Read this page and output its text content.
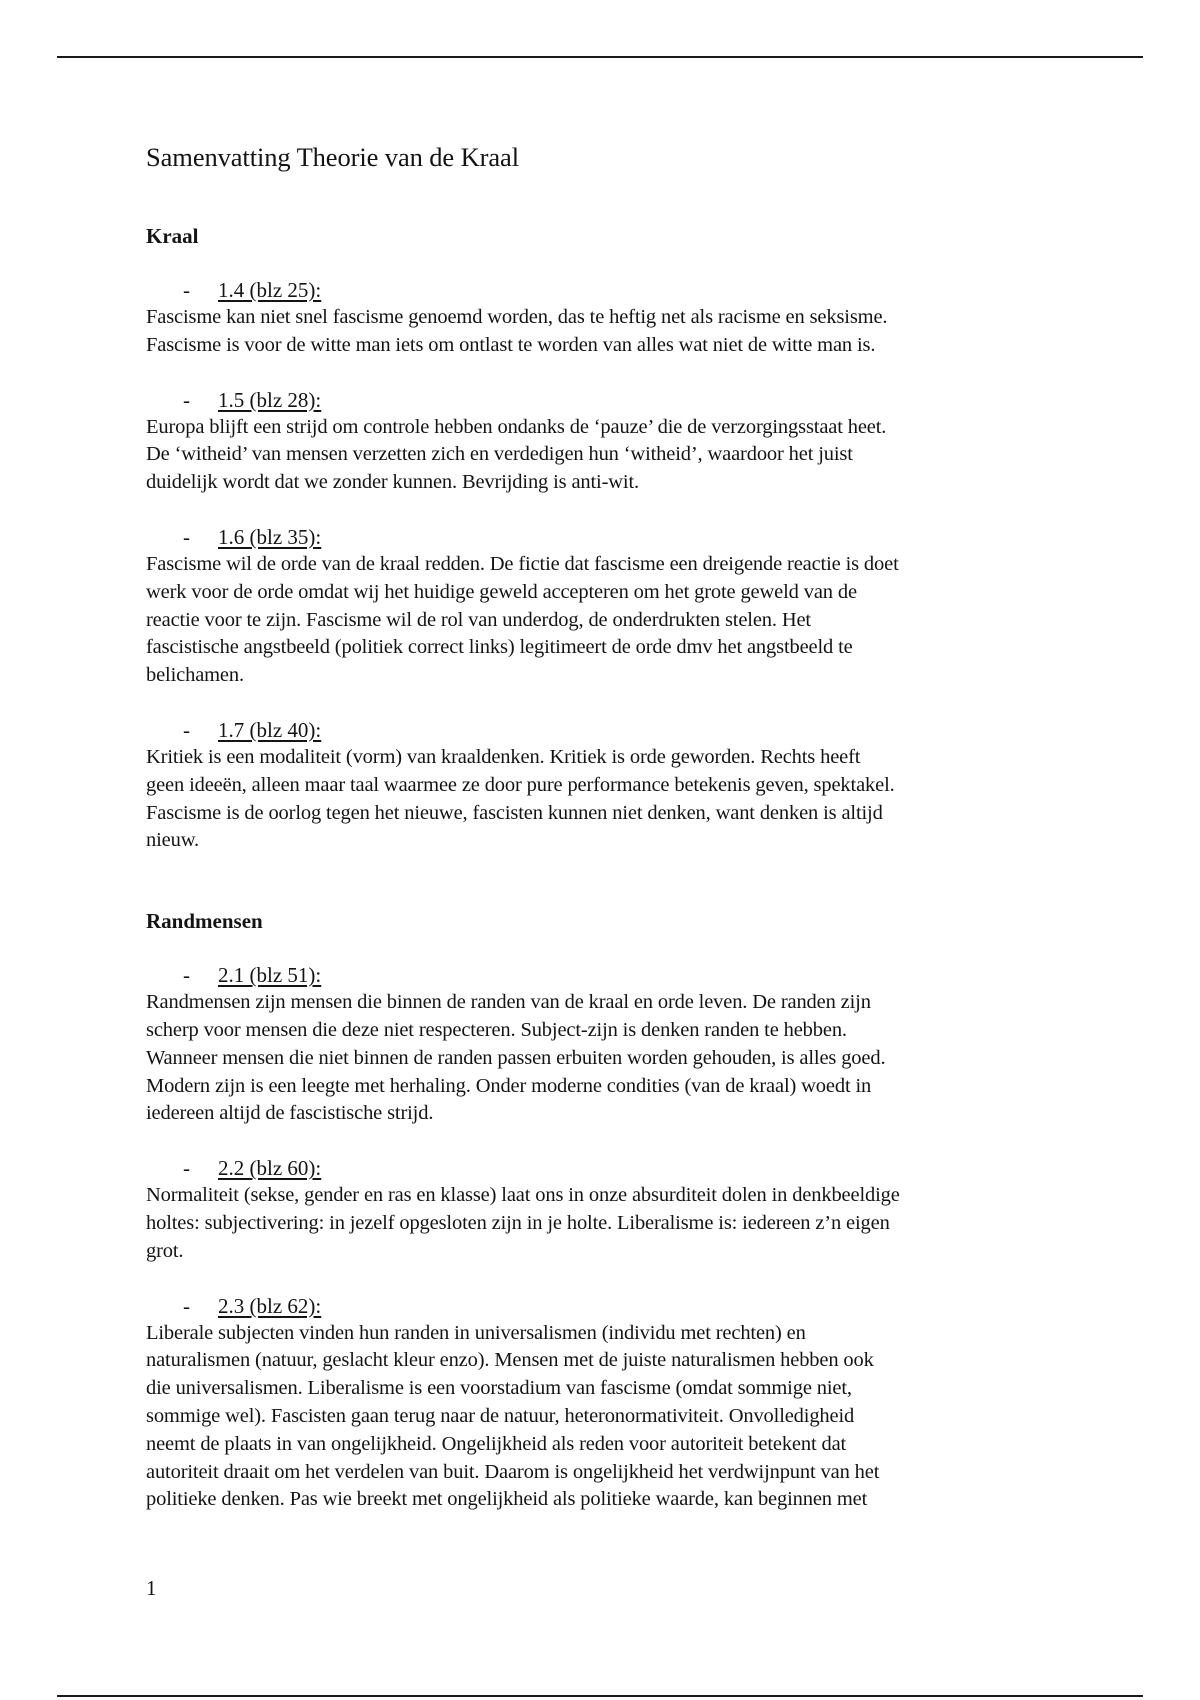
Samenvatting Theorie van de Kraal
Kraal

-	1.4 (blz 25):

Fascisme kan niet snel fascisme genoemd worden, das te heftig net als racisme en seksisme.
Fascisme is voor de witte man iets om ontlast te worden van alles wat niet de witte man is.

-	1.5 (blz 28):

Europa blijft een strijd om controle hebben ondanks de ‘pauze’ die de verzorgingsstaat heet.
De ‘witheid’ van mensen verzetten zich en verdedigen hun ‘witheid’, waardoor het juist
duidelijk wordt dat we zonder kunnen. Bevrijding is anti-wit.

-	1.6 (blz 35):

Fascisme wil de orde van de kraal redden. De fictie dat fascisme een dreigende reactie is doet
werk voor de orde omdat wij het huidige geweld accepteren om het grote geweld van de
reactie voor te zijn. Fascisme wil de rol van underdog, de onderdrukten stelen. Het
fascistische angstbeeld (politiek correct links) legitimeert de orde dmv het angstbeeld te
belichamen.

-	1.7 (blz 40):

Kritiek is een modaliteit (vorm) van kraaldenken. Kritiek is orde geworden. Rechts heeft
geen ideeën, alleen maar taal waarmee ze door pure performance betekenis geven, spektakel.
Fascisme is de oorlog tegen het nieuwe, fascisten kunnen niet denken, want denken is altijd
nieuw.

Randmensen

-	2.1 (blz 51):

Randmensen zijn mensen die binnen de randen van de kraal en orde leven. De randen zijn
scherp voor mensen die deze niet respecteren. Subject-zijn is denken randen te hebben.
Wanneer mensen die niet binnen de randen passen erbuiten worden gehouden, is alles goed.
Modern zijn is een leegte met herhaling. Onder moderne condities (van de kraal) woedt in
iedereen altijd de fascistische strijd.

-	2.2 (blz 60):

Normaliteit (sekse, gender en ras en klasse) laat ons in onze absurditeit dolen in denkbeeldige
holtes: subjectivering: in jezelf opgesloten zijn in je holte. Liberalisme is: iedereen z’n eigen
grot.

-	2.3 (blz 62):

Liberale subjecten vinden hun randen in universalismen (individu met rechten) en
naturalismen (natuur, geslacht kleur enzo). Mensen met de juiste naturalismen hebben ook
die universalismen. Liberalisme is een voorstadium van fascisme (omdat sommige niet,
sommige wel). Fascisten gaan terug naar de natuur, heteronormativiteit. Onvolledigheid
neemt de plaats in van ongelijkheid. Ongelijkheid als reden voor autoriteit betekent dat
autoriteit draait om het verdelen van buit. Daarom is ongelijkheid het verdwijnpunt van het
politieke denken. Pas wie breekt met ongelijkheid als politieke waarde, kan beginnen met

1
